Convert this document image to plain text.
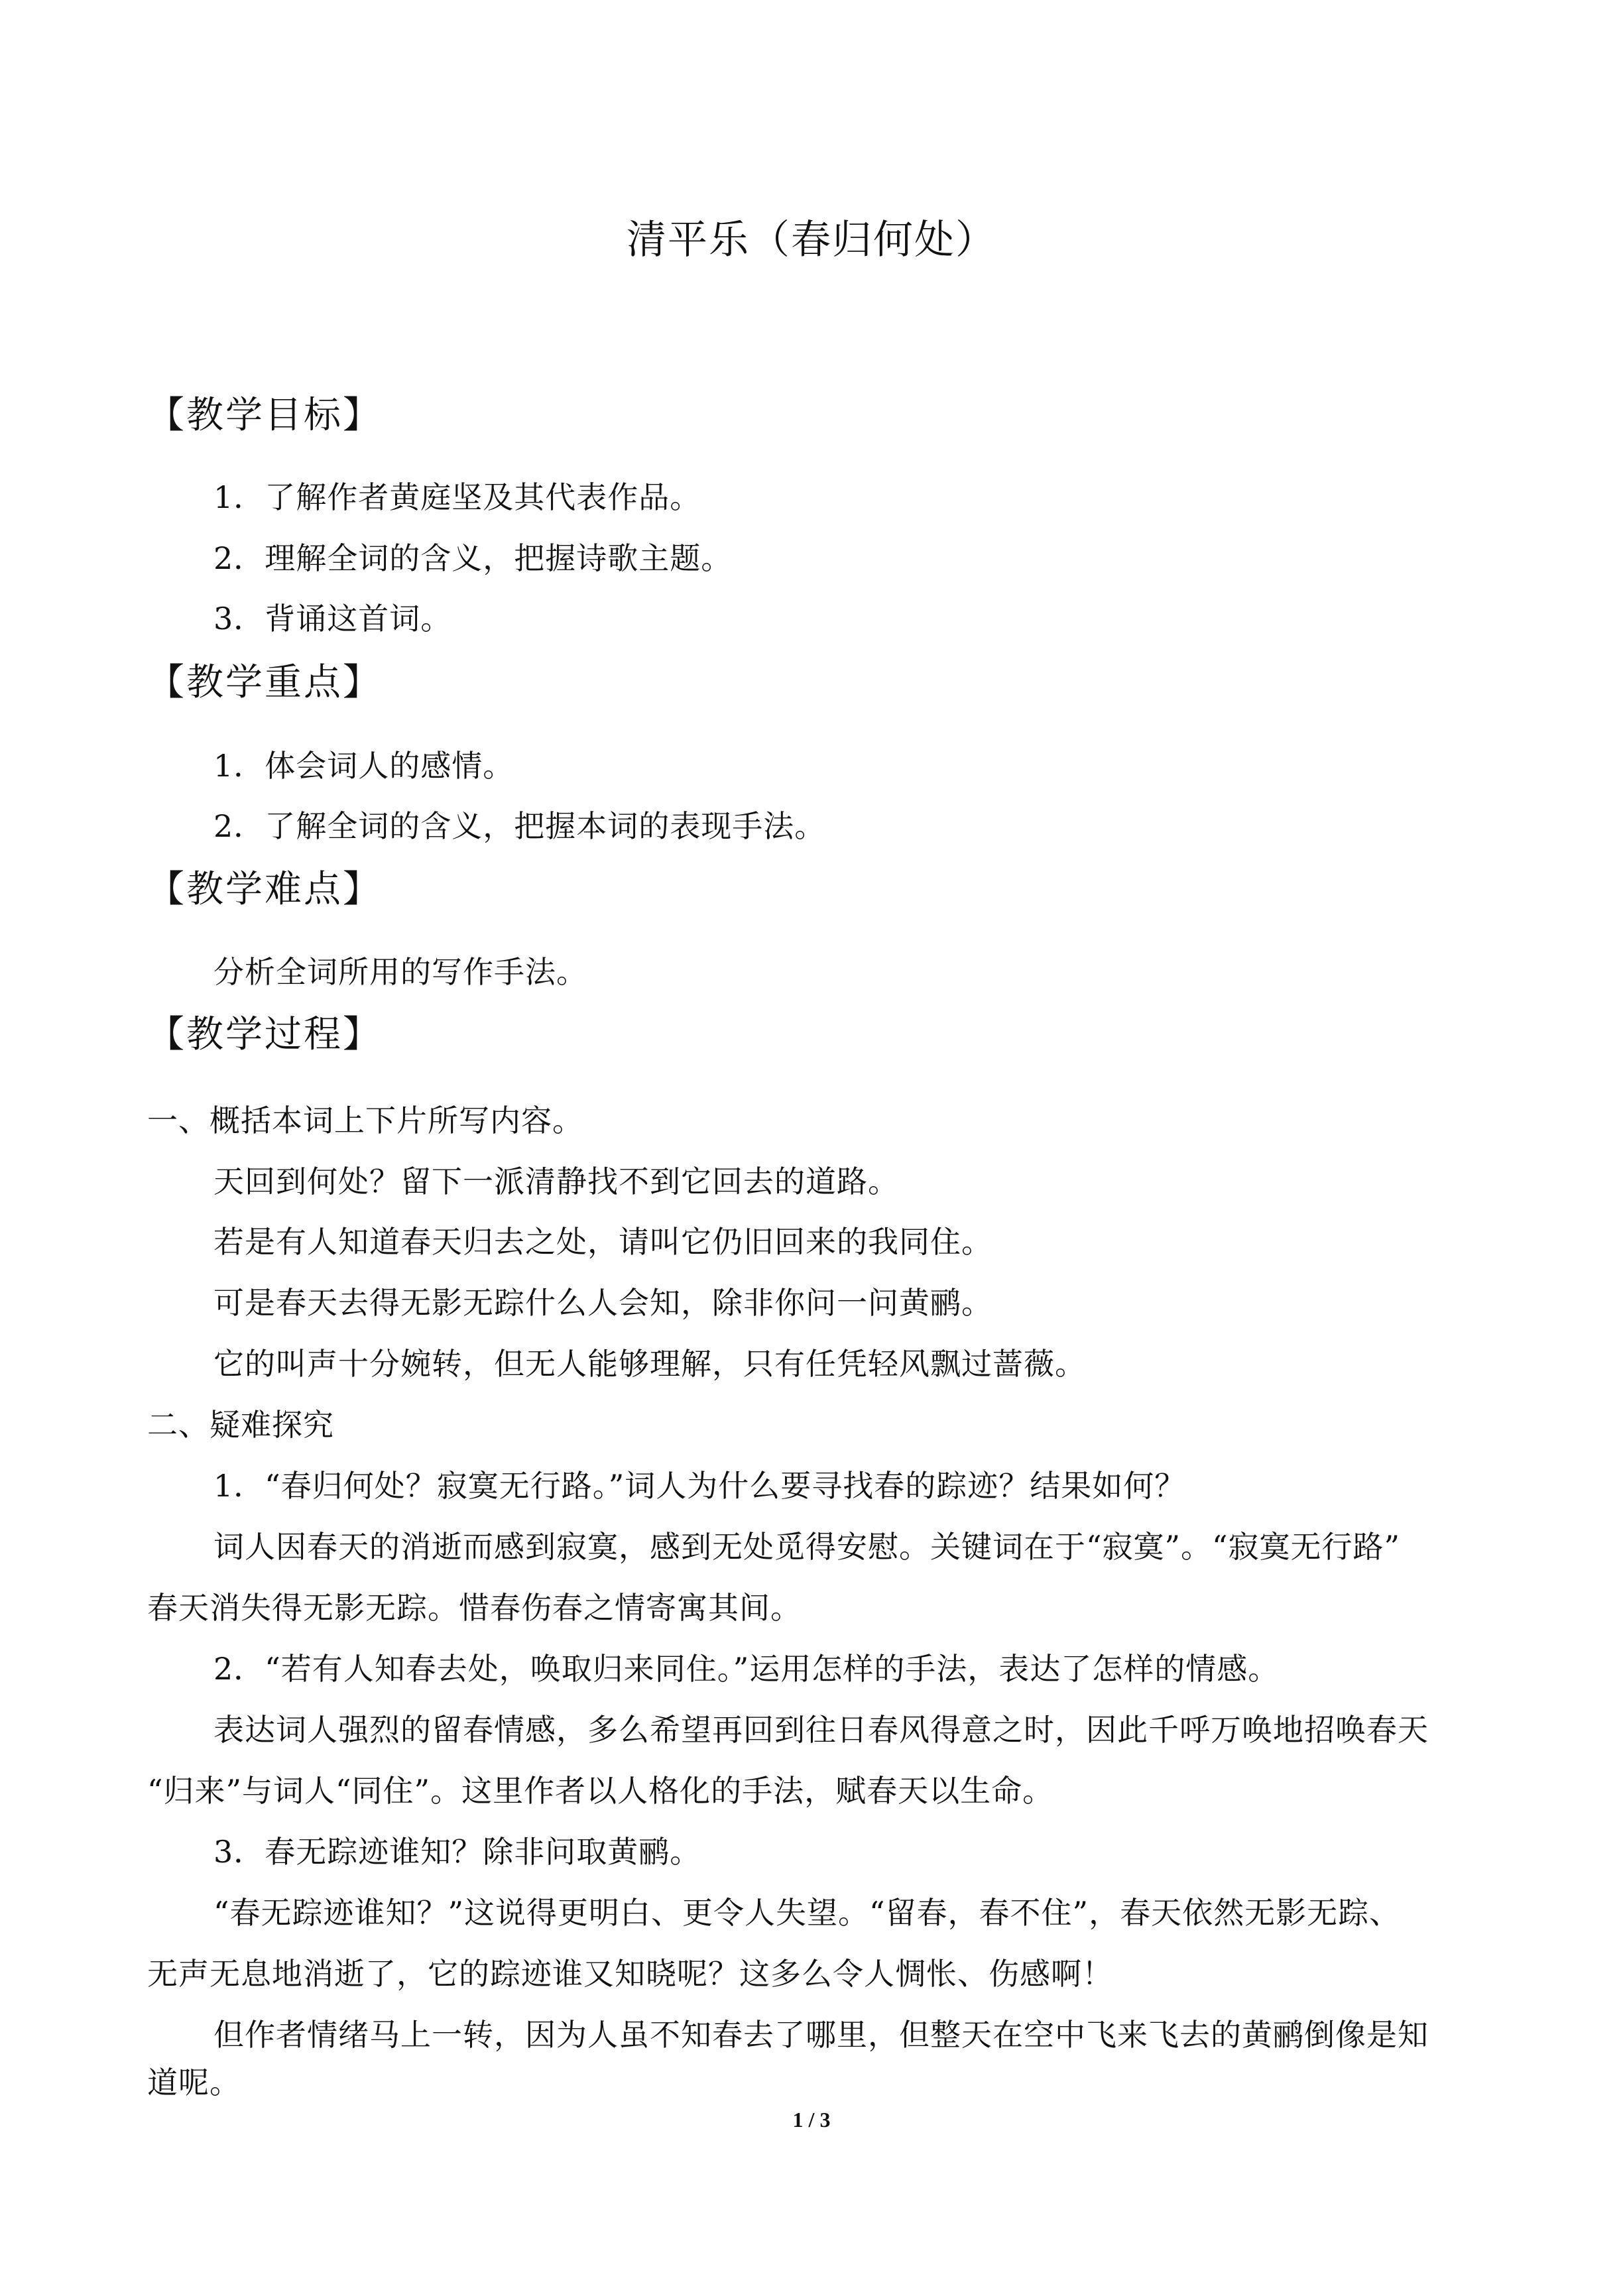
清平乐（春归何处）
【教学目标】
1．了解作者黄庭坚及其代表作品。
2．理解全词的含义，把握诗歌主题。
3．背诵这首词。
【教学重点】
1．体会词人的感情。
2．了解全词的含义，把握本词的表现手法。
【教学难点】
分析全词所用的写作手法。
【教学过程】
一、概括本词上下片所写内容。
天回到何处？留下一派清静找不到它回去的道路。
若是有人知道春天归去之处，请叫它仍旧回来的我同住。
可是春天去得无影无踪什么人会知，除非你问一问黄鹂。
它的叫声十分婉转，但无人能够理解，只有任凭轻风飘过蔷薇。
二、疑难探究
1．“春归何处？寂寞无行路。”词人为什么要寻找春的踪迹？结果如何？
词人因春天的消逝而感到寂寞，感到无处觅得安慰。关键词在于“寂寞”。“寂寞无行路”
春天消失得无影无踪。惜春伤春之情寄寓其间。
2．“若有人知春去处，唤取归来同住。”运用怎样的手法，表达了怎样的情感。
表达词人强烈的留春情感，多么希望再回到往日春风得意之时，因此千呼万唤地招唤春天
“归来”与词人“同住”。这里作者以人格化的手法，赋春天以生命。
3．春无踪迹谁知？除非问取黄鹂。
“春无踪迹谁知？”这说得更明白、更令人失望。“留春，春不住”，春天依然无影无踪、
无声无息地消逝了，它的踪迹谁又知晓呢？这多么令人惆怅、伤感啊！
但作者情绪马上一转，因为人虽不知春去了哪里，但整天在空中飞来飞去的黄鹂倒像是知
道呢。
1 / 3
